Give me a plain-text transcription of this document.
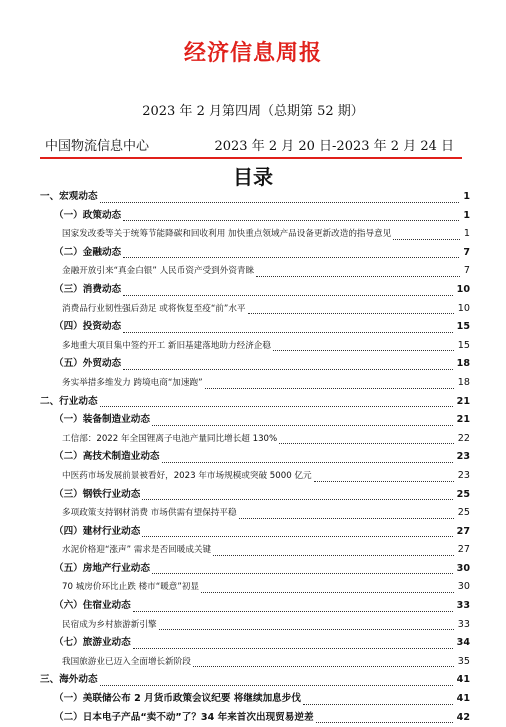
经济信息周报
2023 年 2 月第四周（总期第 52 期）
中国物流信息中心	2023 年 2 月 20 日-2023 年 2 月 24 日
目录
一、宏观动态	1
（一）政策动态	1
国家发改委等关于统筹节能降碳和回收利用 加快重点领域产品设备更新改造的指导意见	1
（二）金融动态	7
金融开放引来“真金白银” 人民币资产受到外资青睐	7
（三）消费动态	10
消费品行业韧性强后劲足 或将恢复至疫“前”水平	10
（四）投资动态	15
多地重大项目集中签约开工 新旧基建落地助力经济企稳	15
（五）外贸动态	18
务实举措多维发力 跨境电商“加速跑”	18
二、行业动态	21
（一）装备制造业动态	21
工信部：2022 年全国锂离子电池产量同比增长超 130%	22
（二）高技术制造业动态	23
中医药市场发展前景被看好，2023 年市场规模或突破 5000 亿元	23
（三）钢铁行业动态	25
多项政策支持钢材消费 市场供需有望保持平稳	25
（四）建材行业动态	27
水泥价格迎“涨声” 需求是否回暖成关键	27
（五）房地产行业动态	30
70 城房价环比止跌 楼市“暖意”初显	30
（六）住宿业动态	33
民宿成为乡村旅游新引擎	33
（七）旅游业动态	34
我国旅游业已迈入全面增长新阶段	35
三、海外动态	41
（一）美联储公布 2 月货币政策会议纪要 将继续加息步伐	41
（二）日本电子产品“卖不动”了？34 年来首次出现贸易逆差	42
